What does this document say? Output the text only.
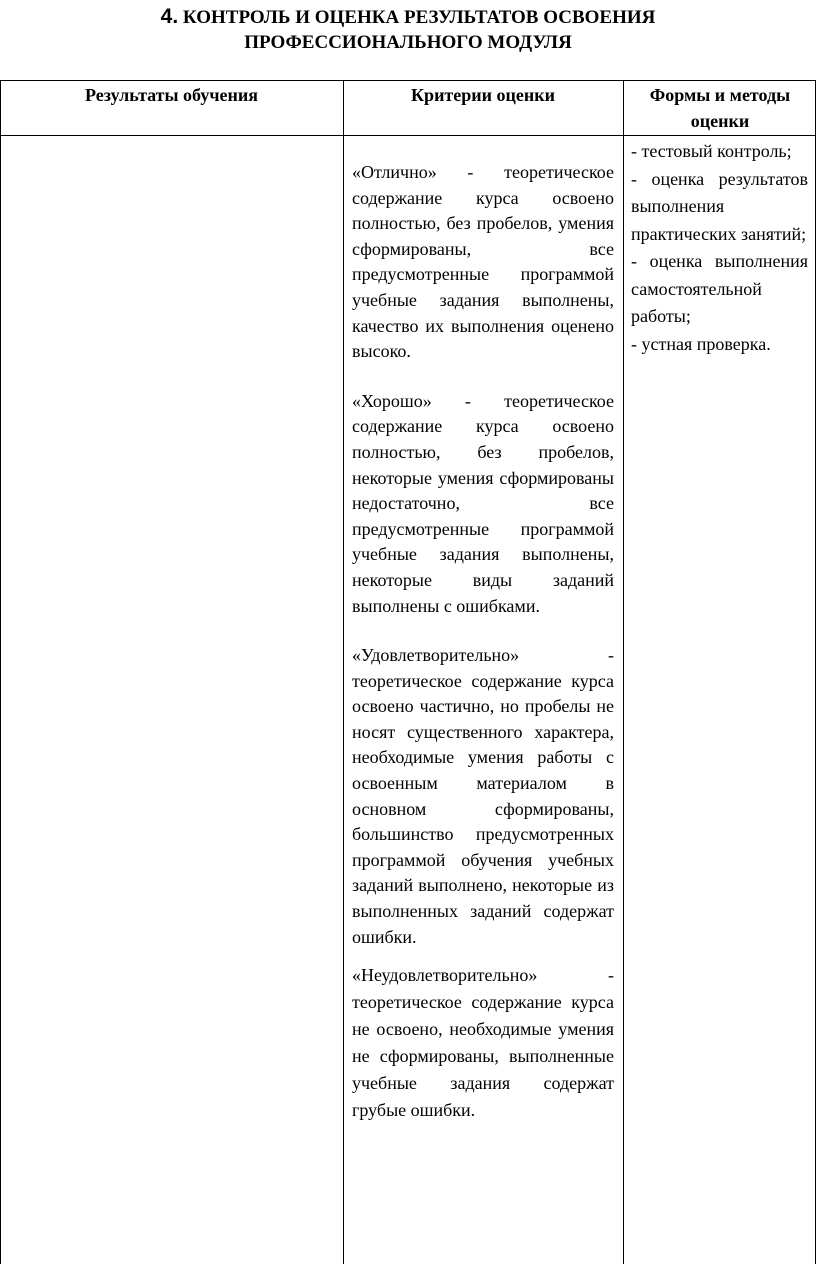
4. КОНТРОЛЬ И ОЦЕНКА РЕЗУЛЬТАТОВ ОСВОЕНИЯ
ПРОФЕССИОНАЛЬНОГО МОДУЛЯ
Результаты обучения	Критерии оценки	Формы и методы оценки

«Отлично» - теоретическое содержание курса освоено полностью, без пробелов, умения сформированы, все предусмотренные программой учебные задания выполнены, качество их выполнения оценено высоко.

«Хорошо» - теоретическое содержание курса освоено полностью, без пробелов, некоторые умения сформированы недостаточно, все предусмотренные программой учебные задания выполнены, некоторые виды заданий выполнены с ошибками.

«Удовлетворительно» - теоретическое содержание курса освоено частично, но пробелы не носят существенного характера, необходимые умения работы с освоенным материалом в основном сформированы, большинство предусмотренных программой обучения учебных заданий выполнено, некоторые из выполненных заданий содержат ошибки.

«Неудовлетворительно» - теоретическое содержание курса не освоено, необходимые умения не сформированы, выполненные учебные задания содержат грубые ошибки.

- тестовый контроль;

- оценка результатов выполнения практических занятий;

- оценка выполнения самостоятельной работы;

- устная проверка.
